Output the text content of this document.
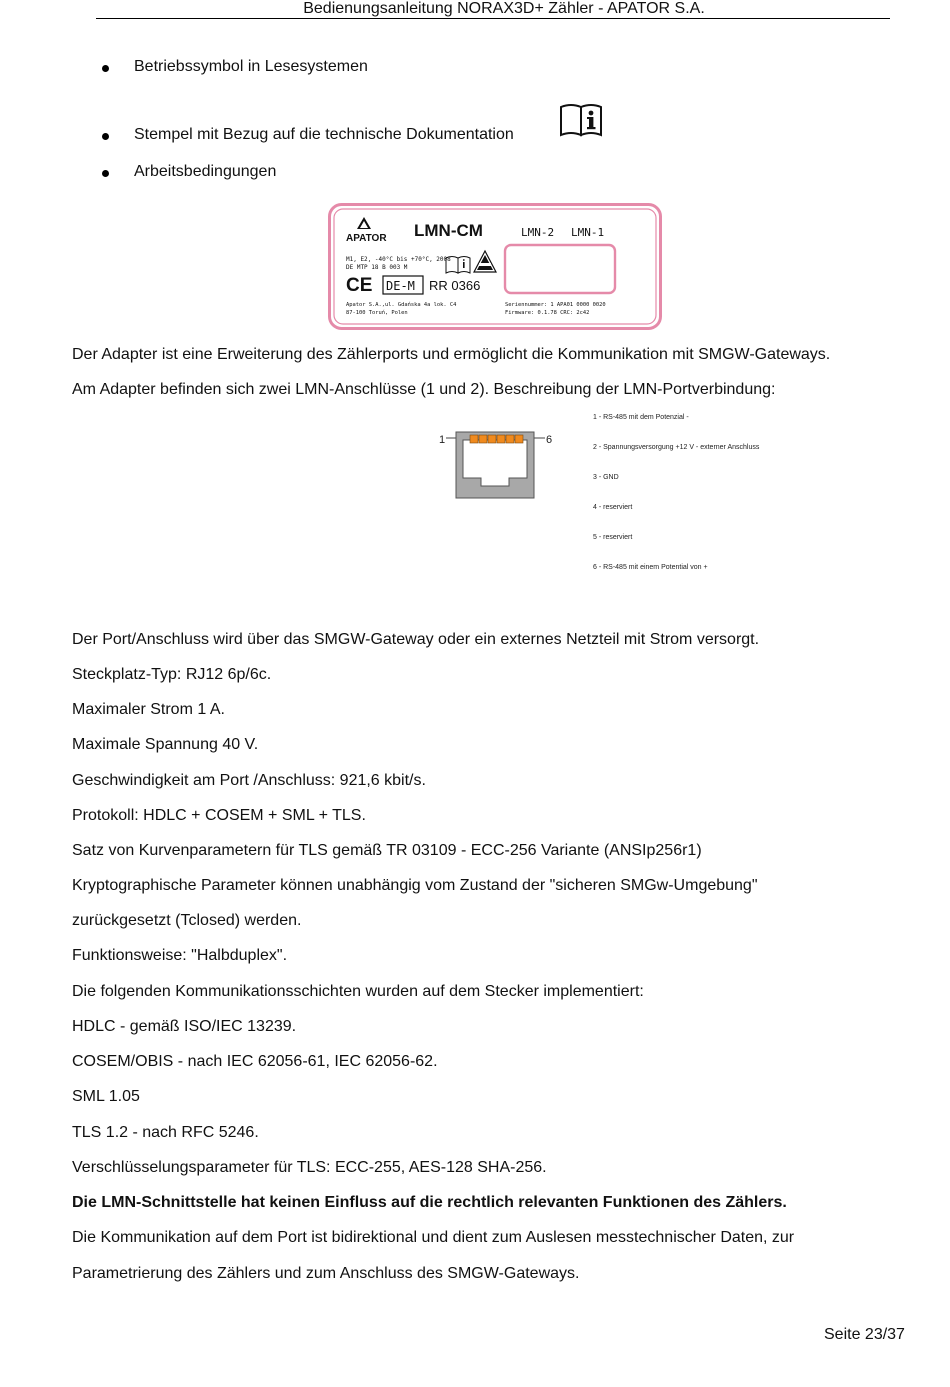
Bedienungsanleitung NORAX3D+ Zähler - APATOR S.A.
Betriebssymbol in Lesesystemen
Stempel mit Bezug auf die technische Dokumentation
Arbeitsbedingungen
APATOR LMN-CM	LMN-2 LMN-1
M1, E2, -40°C bis +70°C, 2008
DE MTP 18 B 003 M
CE DE-M RR 0366
Apator S.A.,ul. Gdańska 4a lok. C4
87-100 Toruń, Polen
Seriennummer: 1 APA01 0000 0020
Firmware: 0.1.78 CRC: 2c42
Der Adapter ist eine Erweiterung des Zählerports und ermöglicht die Kommunikation mit SMGW-Gateways.
Am Adapter befinden sich zwei LMN-Anschlüsse (1 und 2). Beschreibung der LMN-Portverbindung:
1	6
1 - RS-485 mit dem Potenzial -
2 - Spannungsversorgung +12 V - externer Anschluss
3 - GND
4 - reserviert
5 - reserviert
6 - RS-485 mit einem Potential von +
Der Port/Anschluss wird über das SMGW-Gateway oder ein externes Netzteil mit Strom versorgt.
Steckplatz-Typ: RJ12 6p/6c.
Maximaler Strom 1 A.
Maximale Spannung 40 V.
Geschwindigkeit am Port /Anschluss: 921,6 kbit/s.
Protokoll: HDLC + COSEM + SML + TLS.
Satz von Kurvenparametern für TLS gemäß TR 03109 - ECC-256 Variante (ANSIp256r1)
Kryptographische Parameter können unabhängig vom Zustand der "sicheren SMGw-Umgebung"
zurückgesetzt (Tclosed) werden.
Funktionsweise: "Halbduplex".
Die folgenden Kommunikationsschichten wurden auf dem Stecker implementiert:
HDLC - gemäß ISO/IEC 13239.
COSEM/OBIS - nach IEC 62056-61, IEC 62056-62.
SML 1.05
TLS 1.2 - nach RFC 5246.
Verschlüsselungsparameter für TLS: ECC-255, AES-128 SHA-256.
Die LMN-Schnittstelle hat keinen Einfluss auf die rechtlich relevanten Funktionen des Zählers.
Die Kommunikation auf dem Port ist bidirektional und dient zum Auslesen messtechnischer Daten, zur
Parametrierung des Zählers und zum Anschluss des SMGW-Gateways.
Seite 23/37
